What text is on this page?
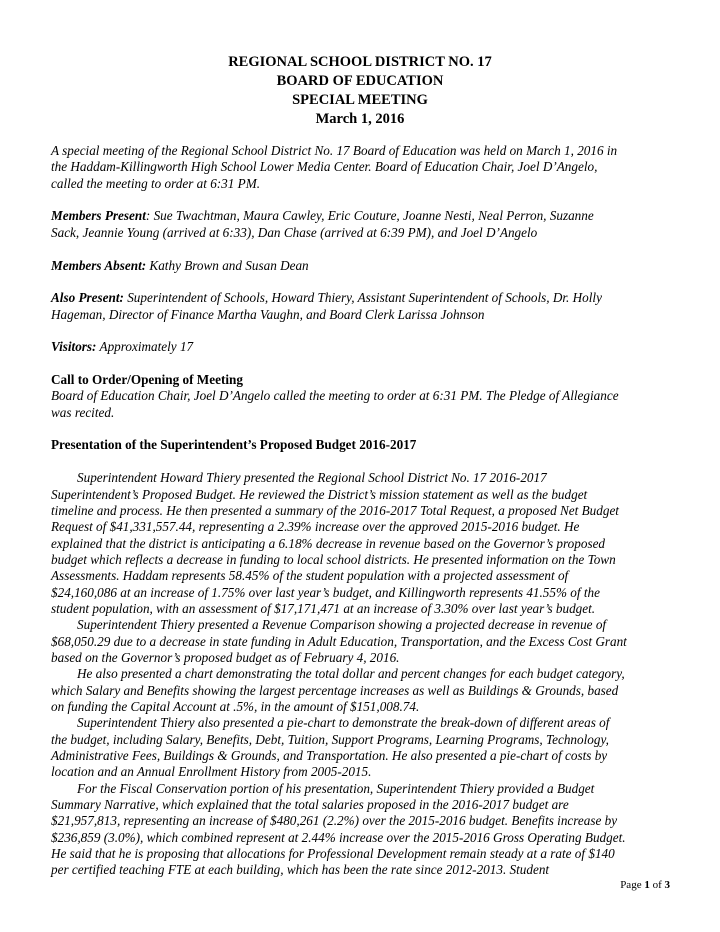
REGIONAL SCHOOL DISTRICT NO. 17
BOARD OF EDUCATION
SPECIAL MEETING
March 1, 2016

A special meeting of the Regional School District No. 17 Board of Education was held on March 1, 2016 in

the Haddam-Killingworth High School Lower Media Center. Board of Education Chair, Joel D’Angelo,

called the meeting to order at 6:31 PM.

Members Present: Sue Twachtman, Maura Cawley, Eric Couture, Joanne Nesti, Neal Perron, Suzanne

Sack, Jeannie Young (arrived at 6:33), Dan Chase (arrived at 6:39 PM), and Joel D’Angelo

Members Absent: Kathy Brown and Susan Dean

Also Present: Superintendent of Schools, Howard Thiery, Assistant Superintendent of Schools, Dr. Holly

Hageman, Director of Finance Martha Vaughn, and Board Clerk Larissa Johnson

Visitors: Approximately 17

Call to Order/Opening of Meeting

Board of Education Chair, Joel D’Angelo called the meeting to order at 6:31 PM. The Pledge of Allegiance

was recited.

Presentation of the Superintendent’s Proposed Budget 2016-2017

Superintendent Howard Thiery presented the Regional School District No. 17 2016-2017

Superintendent’s Proposed Budget. He reviewed the District’s mission statement as well as the budget

timeline and process. He then presented a summary of the 2016-2017 Total Request, a proposed Net Budget

Request of $41,331,557.44, representing a 2.39% increase over the approved 2015-2016 budget. He

explained that the district is anticipating a 6.18% decrease in revenue based on the Governor’s proposed

budget which reflects a decrease in funding to local school districts. He presented information on the Town

Assessments. Haddam represents 58.45% of the student population with a projected assessment of

$24,160,086 at an increase of 1.75% over last year’s budget, and Killingworth represents 41.55% of the

student population, with an assessment of $17,171,471 at an increase of 3.30% over last year’s budget.

Superintendent Thiery presented a Revenue Comparison showing a projected decrease in revenue of

$68,050.29 due to a decrease in state funding in Adult Education, Transportation, and the Excess Cost Grant

based on the Governor’s proposed budget as of February 4, 2016.

He also presented a chart demonstrating the total dollar and percent changes for each budget category,

which Salary and Benefits showing the largest percentage increases as well as Buildings & Grounds, based

on funding the Capital Account at .5%, in the amount of $151,008.74.

Superintendent Thiery also presented a pie-chart to demonstrate the break-down of different areas of

the budget, including Salary, Benefits, Debt, Tuition, Support Programs, Learning Programs, Technology,

Administrative Fees, Buildings & Grounds, and Transportation. He also presented a pie-chart of costs by

location and an Annual Enrollment History from 2005-2015.

For the Fiscal Conservation portion of his presentation, Superintendent Thiery provided a Budget

Summary Narrative, which explained that the total salaries proposed in the 2016-2017 budget are

$21,957,813, representing an increase of $480,261 (2.2%) over the 2015-2016 budget. Benefits increase by

$236,859 (3.0%), which combined represent at 2.44% increase over the 2015-2016 Gross Operating Budget.

He said that he is proposing that allocations for Professional Development remain steady at a rate of $140

per certified teaching FTE at each building, which has been the rate since 2012-2013. Student

Page 1 of 3
